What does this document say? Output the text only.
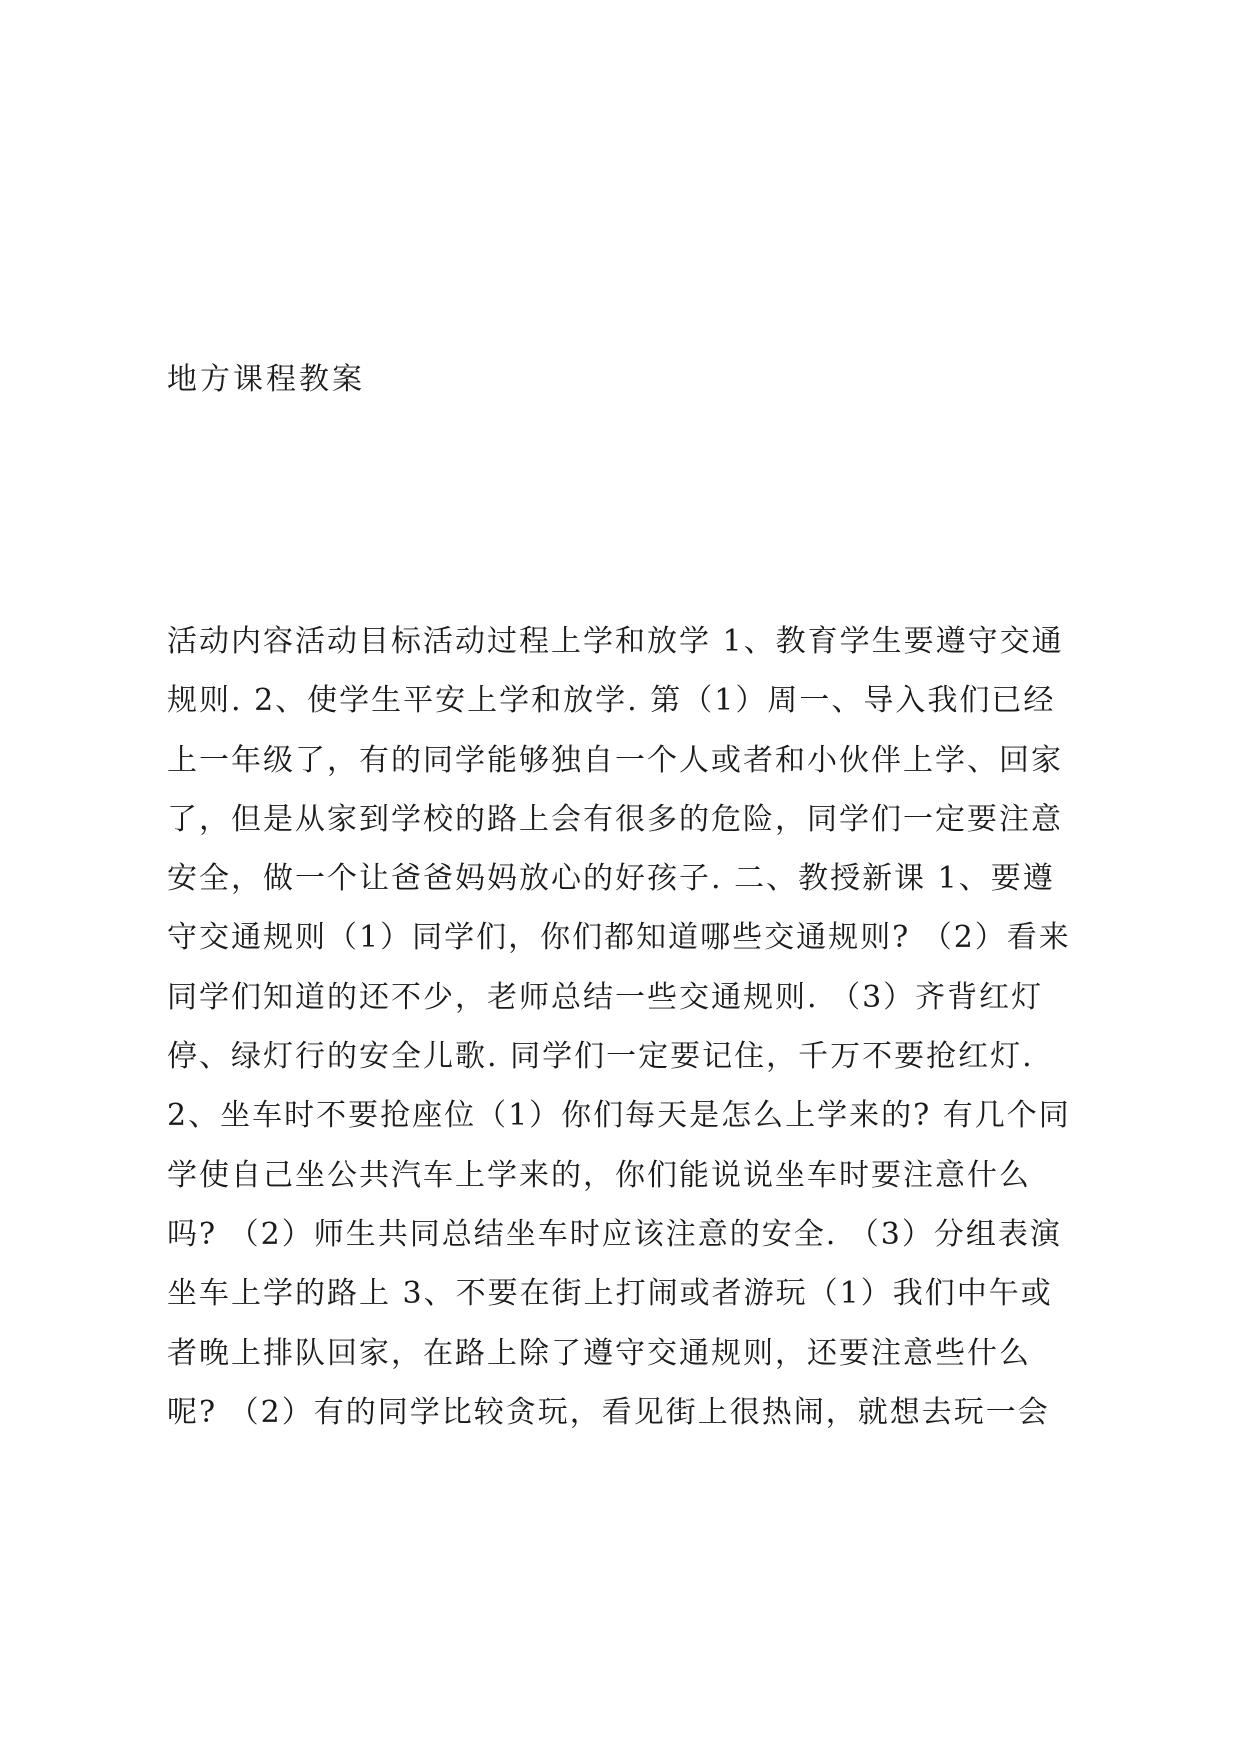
地方课程教案
活动内容活动目标活动过程上学和放学 1、教育学生要遵守交通
规则. 2、使学生平安上学和放学. 第（1）周一、导入我们已经
上一年级了，有的同学能够独自一个人或者和小伙伴上学、回家
了，但是从家到学校的路上会有很多的危险，同学们一定要注意
安全，做一个让爸爸妈妈放心的好孩子. 二、教授新课 1、要遵
守交通规则（1）同学们，你们都知道哪些交通规则? （2）看来
同学们知道的还不少，老师总结一些交通规则. （3）齐背红灯
停、绿灯行的安全儿歌. 同学们一定要记住，千万不要抢红灯.
2、坐车时不要抢座位（1）你们每天是怎么上学来的? 有几个同
学使自己坐公共汽车上学来的，你们能说说坐车时要注意什么
吗? （2）师生共同总结坐车时应该注意的安全. （3）分组表演
坐车上学的路上 3、不要在街上打闹或者游玩（1）我们中午或
者晚上排队回家，在路上除了遵守交通规则，还要注意些什么
呢? （2）有的同学比较贪玩，看见街上很热闹，就想去玩一会
